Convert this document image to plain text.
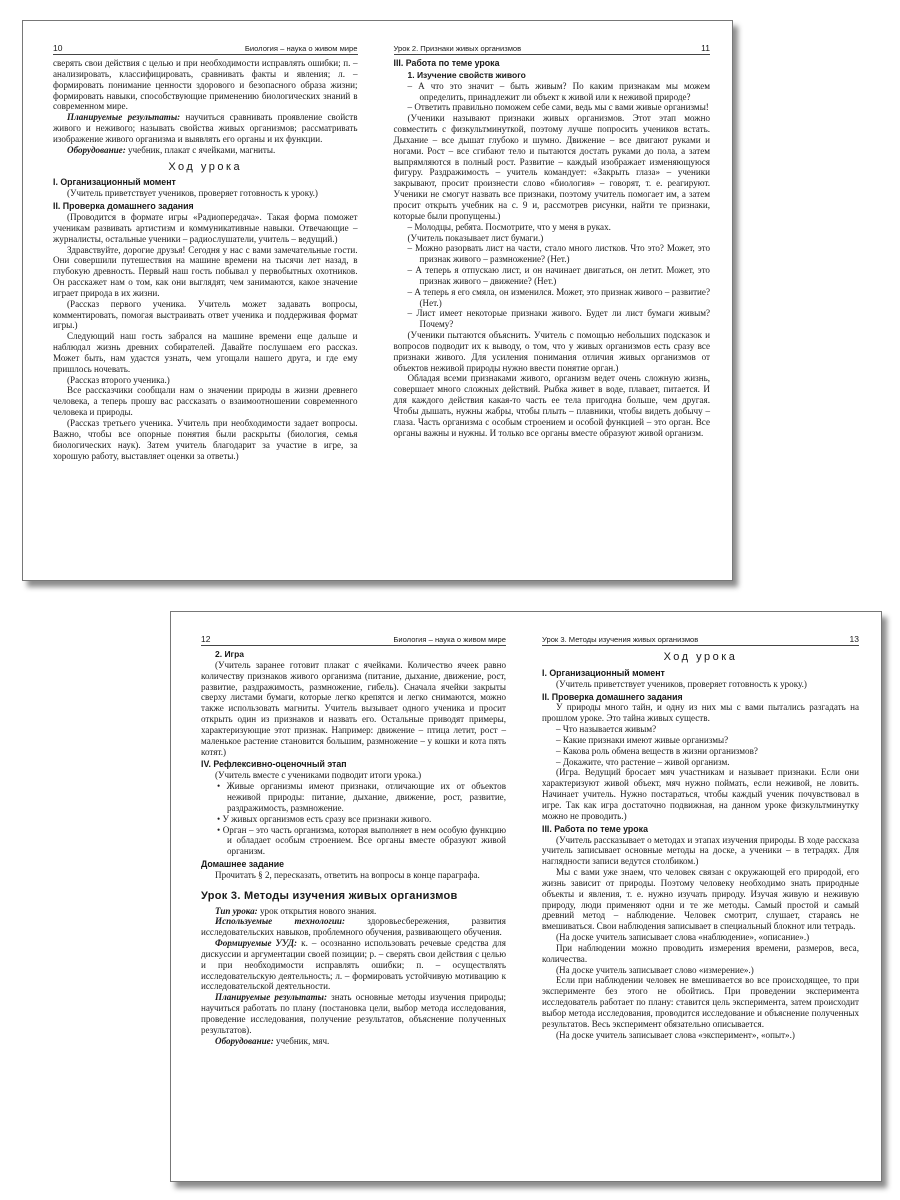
10	Биология – наука о живом мире

сверять свои действия с целью и при необходимости исправлять ошибки; п. – анализировать, классифицировать, сравнивать факты и явления; л. – формировать понимание ценности здорового и безопасного образа жизни; формировать навыки, способствующие применению биологических знаний в современном мире.

Планируемые результаты: научиться сравнивать проявление свойств живого и неживого; называть свойства живых организмов; рассматривать изображение живого организма и выявлять его органы и их функции.

Оборудование: учебник, плакат с ячейками, магниты.

Ход урока

I. Организационный момент

(Учитель приветствует учеников, проверяет готовность к уроку.)

II. Проверка домашнего задания

(Проводится в формате игры «Радиопередача». Такая форма поможет ученикам развивать артистизм и коммуникативные навыки. Отвечающие – журналисты, остальные ученики – радиослушатели, учитель – ведущий.)

Здравствуйте, дорогие друзья! Сегодня у нас с вами замечательные гости. Они совершили путешествия на машине времени на тысячи лет назад, в глубокую древность. Первый наш гость побывал у первобытных охотников. Он расскажет нам о том, как они выглядят, чем занимаются, какое значение играет природа в их жизни.

(Рассказ первого ученика. Учитель может задавать вопросы, комментировать, помогая выстраивать ответ ученика и поддерживая формат игры.)

Следующий наш гость забрался на машине времени еще дальше и наблюдал жизнь древних собирателей. Давайте послушаем его рассказ. Может быть, нам удастся узнать, чем угощали нашего друга, и где ему пришлось ночевать.

(Рассказ второго ученика.)

Все рассказчики сообщали нам о значении природы в жизни древнего человека, а теперь прошу вас рассказать о взаимоотношении современного человека и природы.

(Рассказ третьего ученика. Учитель при необходимости задает вопросы. Важно, чтобы все опорные понятия были раскрыты (биология, семья биологических наук). Затем учитель благодарит за участие в игре, за хорошую работу, выставляет оценки за ответы.)

Урок 2. Признаки живых организмов	11

III. Работа по теме урока

1. Изучение свойств живого

– А что это значит – быть живым? По каким признакам мы можем определить, принадлежит ли объект к живой или к неживой природе?
– Ответить правильно поможем себе сами, ведь мы с вами живые организмы!

(Ученики называют признаки живых организмов. Этот этап можно совместить с физкультминуткой, поэтому лучше попросить учеников встать. Дыхание – все дышат глубоко и шумно. Движение – все двигают руками и ногами. Рост – все сгибают тело и пытаются достать руками до пола, а затем выпрямляются в полный рост. Развитие – каждый изображает изменяющуюся фигуру. Раздражимость – учитель командует: «Закрыть глаза» – ученики закрывают, просит произнести слово «биология» – говорят, т. е. реагируют. Ученики не смогут назвать все признаки, поэтому учитель помогает им, а затем просит открыть учебник на с. 9 и, рассмотрев рисунки, найти те признаки, которые были пропущены.)

– Молодцы, ребята. Посмотрите, что у меня в руках.

(Учитель показывает лист бумаги.)

– Можно разорвать лист на части, стало много листков. Что это? Может, это признак живого – размножение? (Нет.)
– А теперь я отпускаю лист, и он начинает двигаться, он летит. Может, это признак живого – движение? (Нет.)
– А теперь я его смяла, он изменился. Может, это признак живого – развитие? (Нет.)
– Лист имеет некоторые признаки живого. Будет ли лист бумаги живым? Почему?

(Ученики пытаются объяснить. Учитель с помощью небольших подсказок и вопросов подводит их к выводу, о том, что у живых организмов есть сразу все признаки живого. Для усиления понимания отличия живых организмов от объектов неживой природы нужно ввести понятие орган.)

Обладая всеми признаками живого, организм ведет очень сложную жизнь, совершает много сложных действий. Рыбка живет в воде, плавает, питается. И для каждого действия какая-то часть ее тела пригодна больше, чем другая. Чтобы дышать, нужны жабры, чтобы плыть – плавники, чтобы видеть добычу – глаза. Часть организма с особым строением и особой функцией – это орган. Все органы важны и нужны. И только все органы вместе образуют живой организм.

12	Биология – наука о живом мире

2. Игра

(Учитель заранее готовит плакат с ячейками. Количество ячеек равно количеству признаков живого организма (питание, дыхание, движение, рост, развитие, раздражимость, размножение, гибель). Сначала ячейки закрыты сверху листами бумаги, которые легко крепятся и легко снимаются, можно также использовать магниты. Учитель вызывает одного ученика и просит открыть один из признаков и назвать его. Остальные приводят примеры, характеризующие этот признак. Например: движение – птица летит, рост – маленькое растение становится большим, размножение – у кошки и кота пять котят.)

IV. Рефлексивно-оценочный этап

(Учитель вместе с учениками подводит итоги урока.)

• Живые организмы имеют признаки, отличающие их от объектов неживой природы: питание, дыхание, движение, рост, развитие, раздражимость, размножение.
• У живых организмов есть сразу все признаки живого.
• Орган – это часть организма, которая выполняет в нем особую функцию и обладает особым строением. Все органы вместе образуют живой организм.

Домашнее задание

Прочитать § 2, пересказать, ответить на вопросы в конце параграфа.

Урок 3. Методы изучения живых организмов

Тип урока: урок открытия нового знания.

Используемые технологии: здоровьесбережения, развития исследовательских навыков, проблемного обучения, развивающего обучения.

Формируемые УУД: к. – осознанно использовать речевые средства для дискуссии и аргументации своей позиции; р. – сверять свои действия с целью и при необходимости исправлять ошибки; п. – осуществлять исследовательскую деятельность; л. – формировать устойчивую мотивацию к исследовательской деятельности.

Планируемые результаты: знать основные методы изучения природы; научиться работать по плану (постановка цели, выбор метода исследования, проведение исследования, получение результатов, объяснение полученных результатов).

Оборудование: учебник, мяч.

Урок 3. Методы изучения живых организмов	13

Ход урока

I. Организационный момент

(Учитель приветствует учеников, проверяет готовность к уроку.)

II. Проверка домашнего задания

У природы много тайн, и одну из них мы с вами пытались разгадать на прошлом уроке. Это тайна живых существ.

– Что называется живым?
– Какие признаки имеют живые организмы?
– Какова роль обмена веществ в жизни организмов?
– Докажите, что растение – живой организм.

(Игра. Ведущий бросает мяч участникам и называет признаки. Если они характеризуют живой объект, мяч нужно поймать, если неживой, не ловить. Начинает учитель. Нужно постараться, чтобы каждый ученик почувствовал в игре. Так как игра достаточно подвижная, на данном уроке физкультминутку можно не проводить.)

III. Работа по теме урока

(Учитель рассказывает о методах и этапах изучения природы. В ходе рассказа учитель записывает основные методы на доске, а ученики – в тетрадях. Для наглядности записи ведутся столбиком.)

Мы с вами уже знаем, что человек связан с окружающей его природой, его жизнь зависит от природы. Поэтому человеку необходимо знать природные объекты и явления, т. е. нужно изучать природу. Изучая живую и неживую природу, люди применяют одни и те же методы. Самый простой и самый древний метод – наблюдение. Человек смотрит, слушает, стараясь не вмешиваться. Свои наблюдения записывает в специальный блокнот или тетрадь.

(На доске учитель записывает слова «наблюдение», «описание».)

При наблюдении можно проводить измерения времени, размеров, веса, количества.

(На доске учитель записывает слово «измерение».)

Если при наблюдении человек не вмешивается во все происходящее, то при эксперименте без этого не обойтись. При проведении эксперимента исследователь работает по плану: ставится цель эксперимента, затем происходит выбор метода исследования, проводится исследование и объяснение полученных результатов. Весь эксперимент обязательно описывается.

(На доске учитель записывает слова «эксперимент», «опыт».)
